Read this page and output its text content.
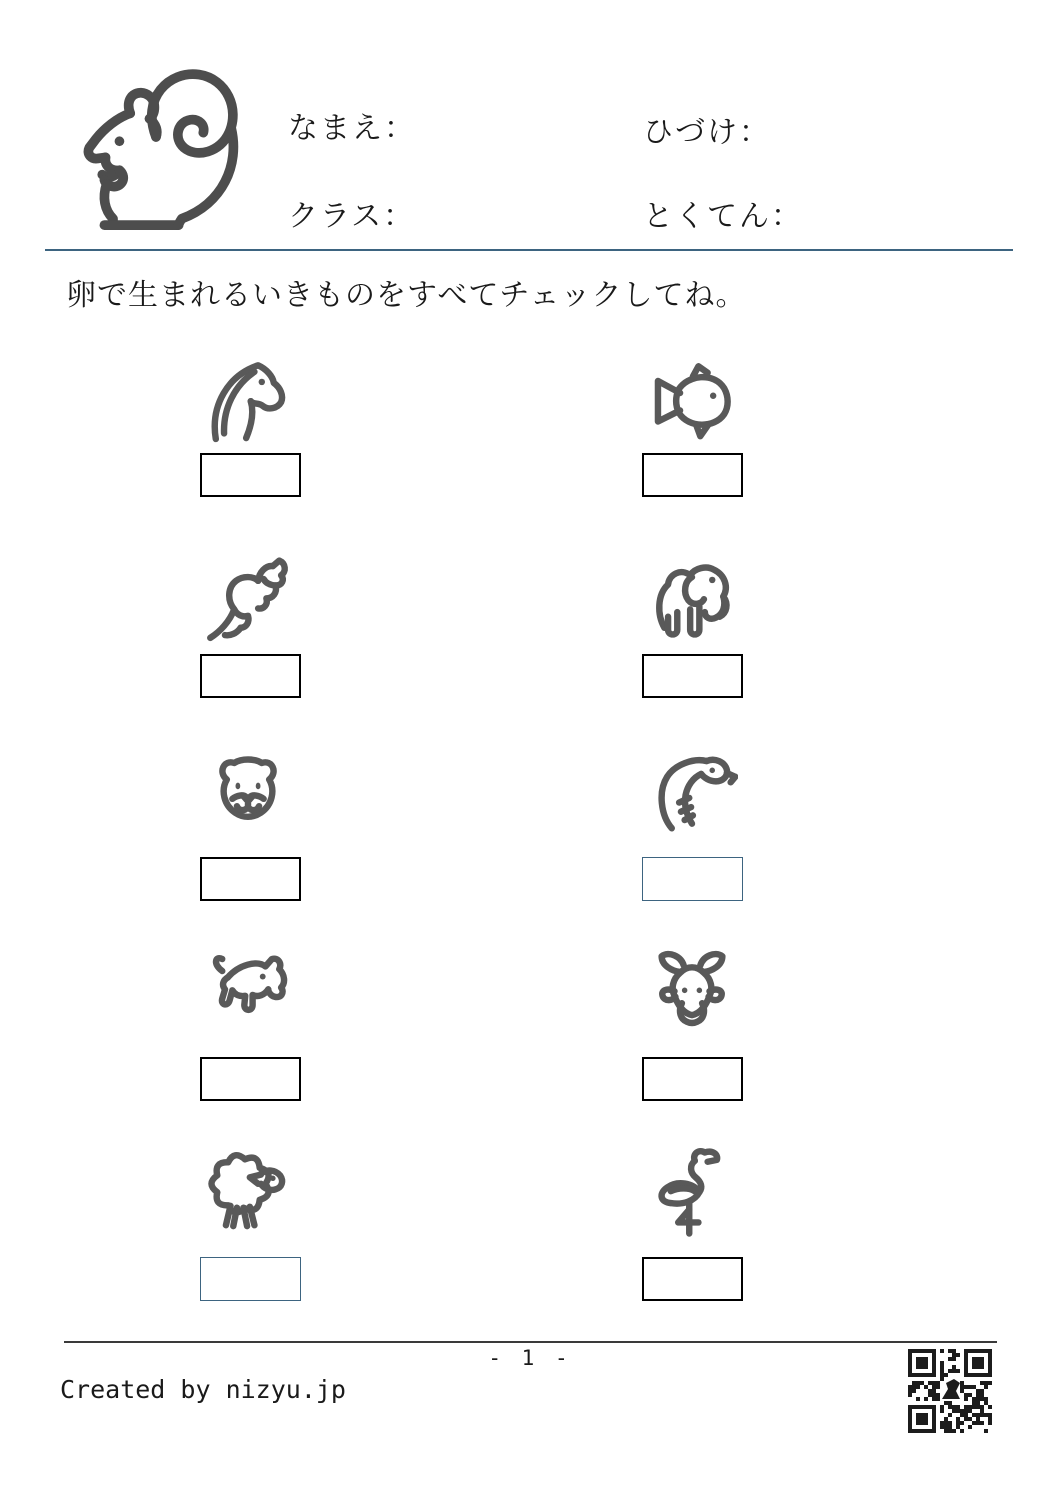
なまえ：	ひづけ：
クラス：	とくてん：
卵で生まれるいきものをすべてチェックしてね。
- 1 -
Created by nizyu.jp
